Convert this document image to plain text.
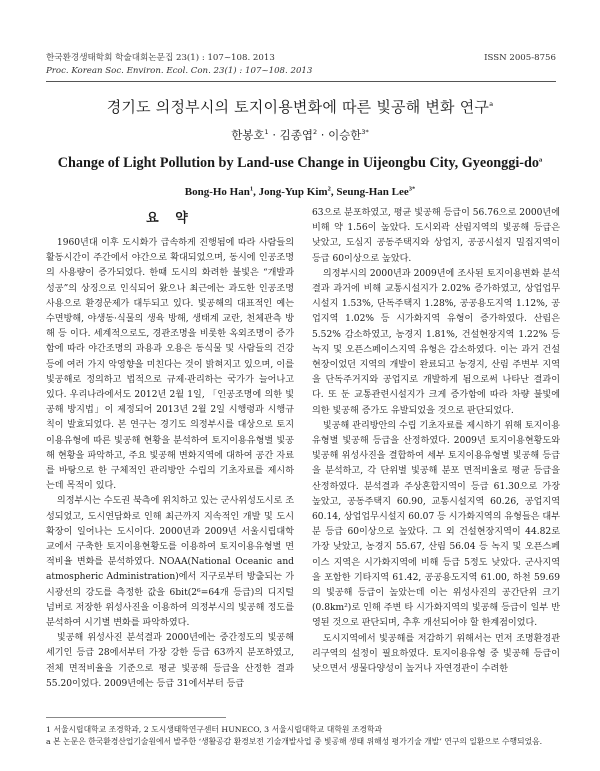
한국환경생태학회 학술대회논문집 23(1) : 107~108. 2013	ISSN 2005-8756
Proc. Korean Soc. Environ. Ecol. Con. 23(1) : 107~108. 2013
경기도 의정부시의 토지이용변화에 따른 빛공해 변화 연구$^a$
한봉호$^1$ · 김종엽$^2$ · 이승한$^{3*}$
Change of Light Pollution by Land-use Change in Uijeongbu City, Gyeonggi-$do^a$
Bong-Ho Han$^1$, Jong-Yup Kim$^2$, Seung-Han Lee$^{3*}$
요 약

1960년대 이후 도시화가 급속하게 진행됨에 따라 사람들의 활동시간이 주간에서 야간으로 확대되었으며, 동시에 인공조명의 사용량이 증가되었다. 한때 도시의 화려한 불빛은 “개발과 성공”의 상징으로 인식되어 왔으나 최근에는 과도한 인공조명 사용으로 환경문제가 대두되고 있다. 빛공해의 대표적인 예는 수면방해, 야생동·식물의 생육 방해, 생태계 교란, 천체관측 방해 등 이다. 세계적으로도, 경관조명을 비롯한 옥외조명이 증가함에 따라 야간조명의 과용과 오용은 동식물 및 사람들의 건강 등에 여러 가지 악영향을 미친다는 것이 밝혀지고 있으며, 이를 빛공해로 정의하고 법적으로 규제·관리하는 국가가 늘어나고 있다. 우리나라에서도 2012년 2월 1일, 「인공조명에 의한 빛공해 방지법」이 제정되어 2013년 2월 2일 시행령과 시행규칙이 발효되었다. 본 연구는 경기도 의정부시를 대상으로 토지이용유형에 따른 빛공해 현황을 분석하여 토지이용유형별 빛공해 현황을 파악하고, 주요 빛공해 변화지역에 대하여 공간 자료를 바탕으로 한 구체적인 관리방안 수립의 기초자료를 제시하는데 목적이 있다.

의정부시는 수도권 북측에 위치하고 있는 군사위성도시로 조성되었고, 도시연담화로 인해 최근까지 지속적인 개발 및 도시확장이 일어나는 도시이다. 2000년과 2009년 서울시립대학교에서 구축한 토지이용현황도를 이용하여 토지이용유형별 면적비율 변화를 분석하였다. NOAA(National Oceanic and atmospheric Administration)에서 지구로부터 방출되는 가시광선의 강도를 측정한 값을 6bit(2⁶=64개 등급)의 디지털 넘버로 저장한 위성사진을 이용하여 의정부시의 빛공해 정도를 분석하여 시기별 변화를 파악하였다.

빛공해 위성사진 분석결과 2000년에는 중간정도의 빛공해 세기인 등급 28에서부터 가장 강한 등급 63까지 분포하였고, 전체 면적비율을 기준으로 평균 빛공해 등급을 산정한 결과 55.20이었다. 2009년에는 등급 31에서부터 등급

63으로 분포하였고, 평균 빛공해 등급이 56.76으로 2000년에 비해 약 1.56이 높았다. 도시외곽 산림지역의 빛공해 등급은 낮았고, 도심지 공동주택지와 상업지, 공공시설지 밀집지역이 등급 60이상으로 높았다.

의정부시의 2000년과 2009년에 조사된 토지이용변화 분석결과 과거에 비해 교통시설지가 2.02% 증가하였고, 상업업무시설지 1.53%, 단독주택지 1.28%, 공공용도지역 1.12%, 공업지역 1.02% 등 시가화지역 유형이 증가하였다. 산림은 5.52% 감소하였고, 농경지 1.81%, 건설현장지역 1.22% 등 녹지 및 오픈스페이스지역 유형은 감소하였다. 이는 과거 건설현장이었던 지역의 개발이 완료되고 농경지, 산림 주변부 지역을 단독주거지와 공업지로 개발하게 됨으로써 나타난 결과이다. 또 둔 교통관련시설지가 크게 증가함에 따라 차량 불빛에 의한 빛공해 증가도 유발되었을 것으로 판단되었다.

빛공해 관리방안의 수립 기초자료를 제시하기 위해 토지이용유형별 빛공해 등급을 산정하였다. 2009년 토지이용현황도와 빛공해 위성사진을 결합하여 세부 토지이용유형별 빛공해 등급을 분석하고, 각 단위별 빛공해 분포 면적비율로 평균 등급을 산정하였다. 분석결과 주상혼합지역이 등급 61.30으로 가장 높았고, 공동주택지 60.90, 교통시설지역 60.26, 공업지역 60.14, 상업업무시설지 60.07 등 시가화지역의 유형들은 대부분 등급 60이상으로 높았다. 그 외 건설현장지역이 44.82로 가장 낮았고, 농경지 55.67, 산림 56.04 등 녹지 및 오픈스페이스 지역은 시가화지역에 비해 등급 5정도 낮았다. 군사지역을 포함한 기타지역 61.42, 공공용도지역 61.00, 하천 59.69의 빛공해 등급이 높았는데 이는 위성사진의 공간단위 크기(0.8km²)로 인해 주변 타 시가화지역의 빛공해 등급이 일부 반영된 것으로 판단되며, 추후 개선되어야 할 한계점이었다.

도시지역에서 빛공해를 저감하기 위해서는 먼저 조명환경관리구역의 설정이 필요하였다. 토지이용유형 중 빛공해 등급이 낮으면서 생물다양성이 높거나 자연경관이 수려한

1 서울시립대학교 조경학과, 2 도시생태학연구센터 HUNECO, 3 서울시립대학교 대학원 조경학과
a 본 논문은 한국환경산업기술원에서 발주한 ‘생활공감 환경보전 기술개발사업 중 빛공해 생태 위해성 평가기술 개발’ 연구의 일환으로 수행되었음.
